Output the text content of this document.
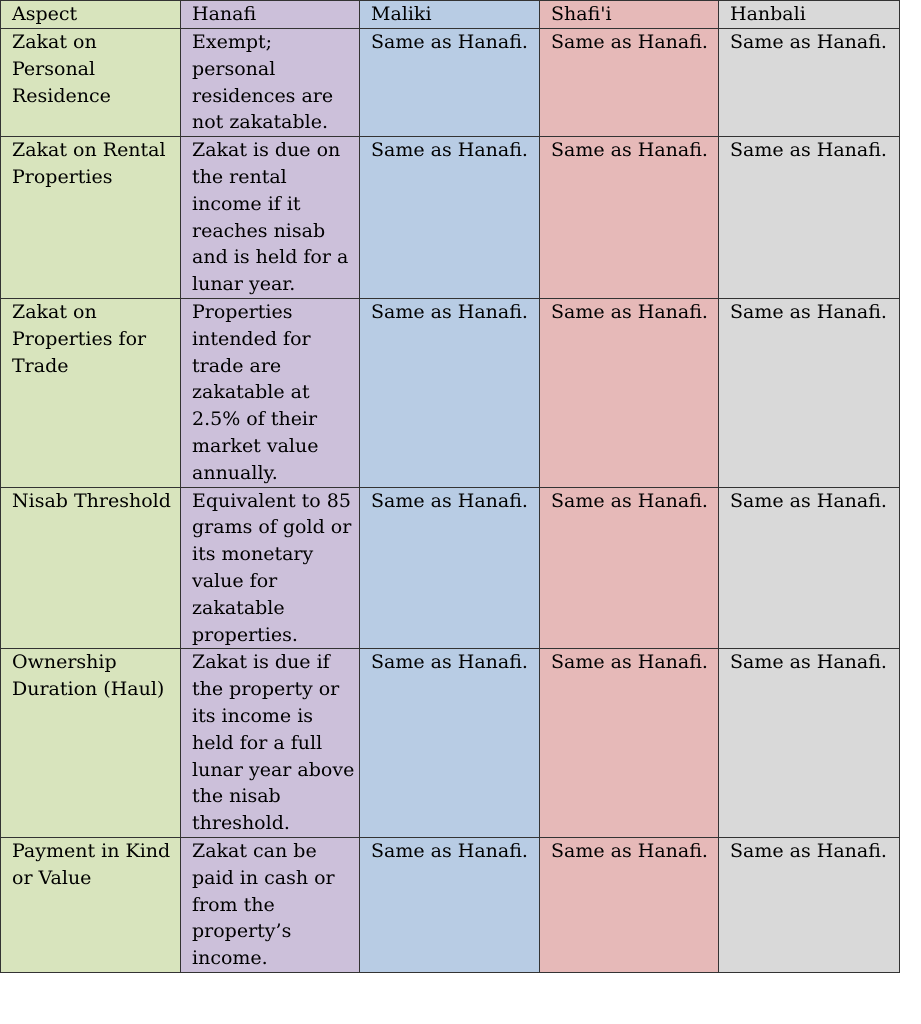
Aspect	Hanafi	Maliki	Shafi'i	Hanbali
Zakat on Personal Residence	Exempt; personal residences are not zakatable.	Same as Hanafi.	Same as Hanafi.	Same as Hanafi.
Zakat on Rental Properties	Zakat is due on the rental income if it reaches nisab and is held for a lunar year.	Same as Hanafi.	Same as Hanafi.	Same as Hanafi.
Zakat on Properties for Trade	Properties intended for trade are zakatable at 2.5% of their market value annually.	Same as Hanafi.	Same as Hanafi.	Same as Hanafi.
Nisab Threshold	Equivalent to 85 grams of gold or its monetary value for zakatable properties.	Same as Hanafi.	Same as Hanafi.	Same as Hanafi.
Ownership Duration (Haul)	Zakat is due if the property or its income is held for a full lunar year above the nisab threshold.	Same as Hanafi.	Same as Hanafi.	Same as Hanafi.
Payment in Kind or Value	Zakat can be paid in cash or from the property’s income.	Same as Hanafi.	Same as Hanafi.	Same as Hanafi.
